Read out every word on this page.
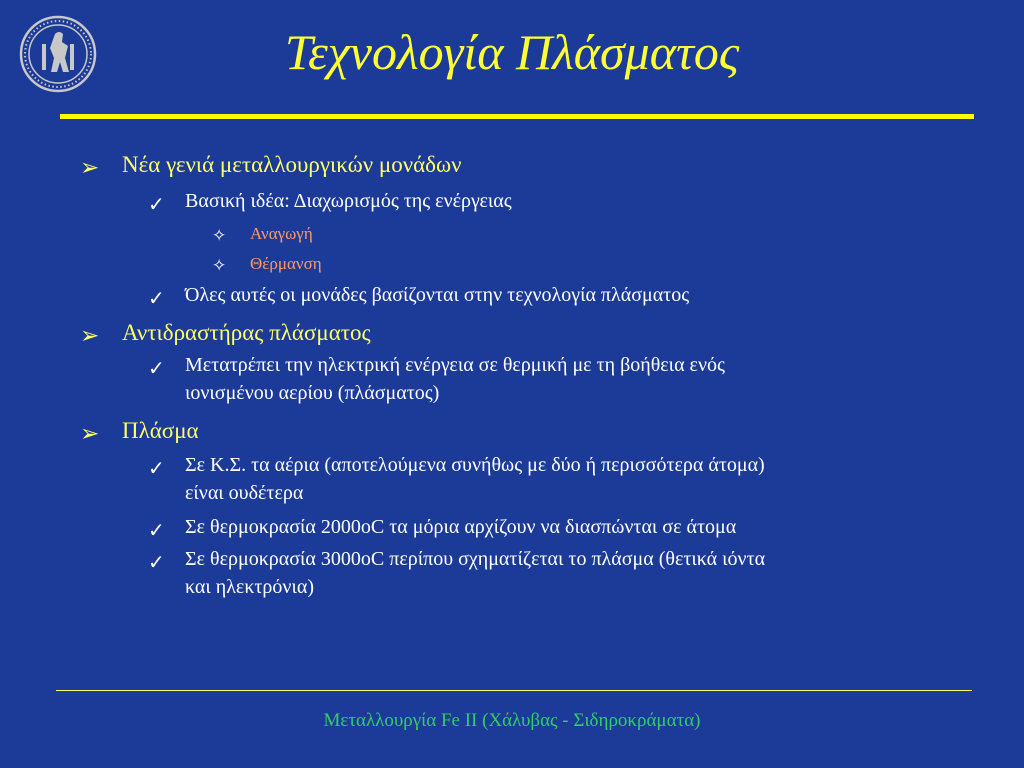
Τεχνολογία Πλάσματος
➢ Νέα γενιά μεταλλουργικών μονάδων
✓ Βασική ιδέα: Διαχωρισμός της ενέργειας
✧ Αναγωγή
✧ Θέρμανση
✓ Όλες αυτές οι μονάδες βασίζονται στην τεχνολογία πλάσματος
➢ Αντιδραστήρας πλάσματος
✓ Μετατρέπει την ηλεκτρική ενέργεια σε θερμική με τη βοήθεια ενός
ιονισμένου αερίου (πλάσματος)
➢ Πλάσμα
✓ Σε Κ.Σ. τα αέρια (αποτελούμενα συνήθως με δύο ή περισσότερα άτομα)
είναι ουδέτερα
✓ Σε θερμοκρασία 2000oC τα μόρια αρχίζουν να διασπώνται σε άτομα
✓ Σε θερμοκρασία 3000oC περίπου σχηματίζεται το πλάσμα (θετικά ιόντα
και ηλεκτρόνια)
Μεταλλουργία Fe II (Χάλυβας - Σιδηροκράματα)
